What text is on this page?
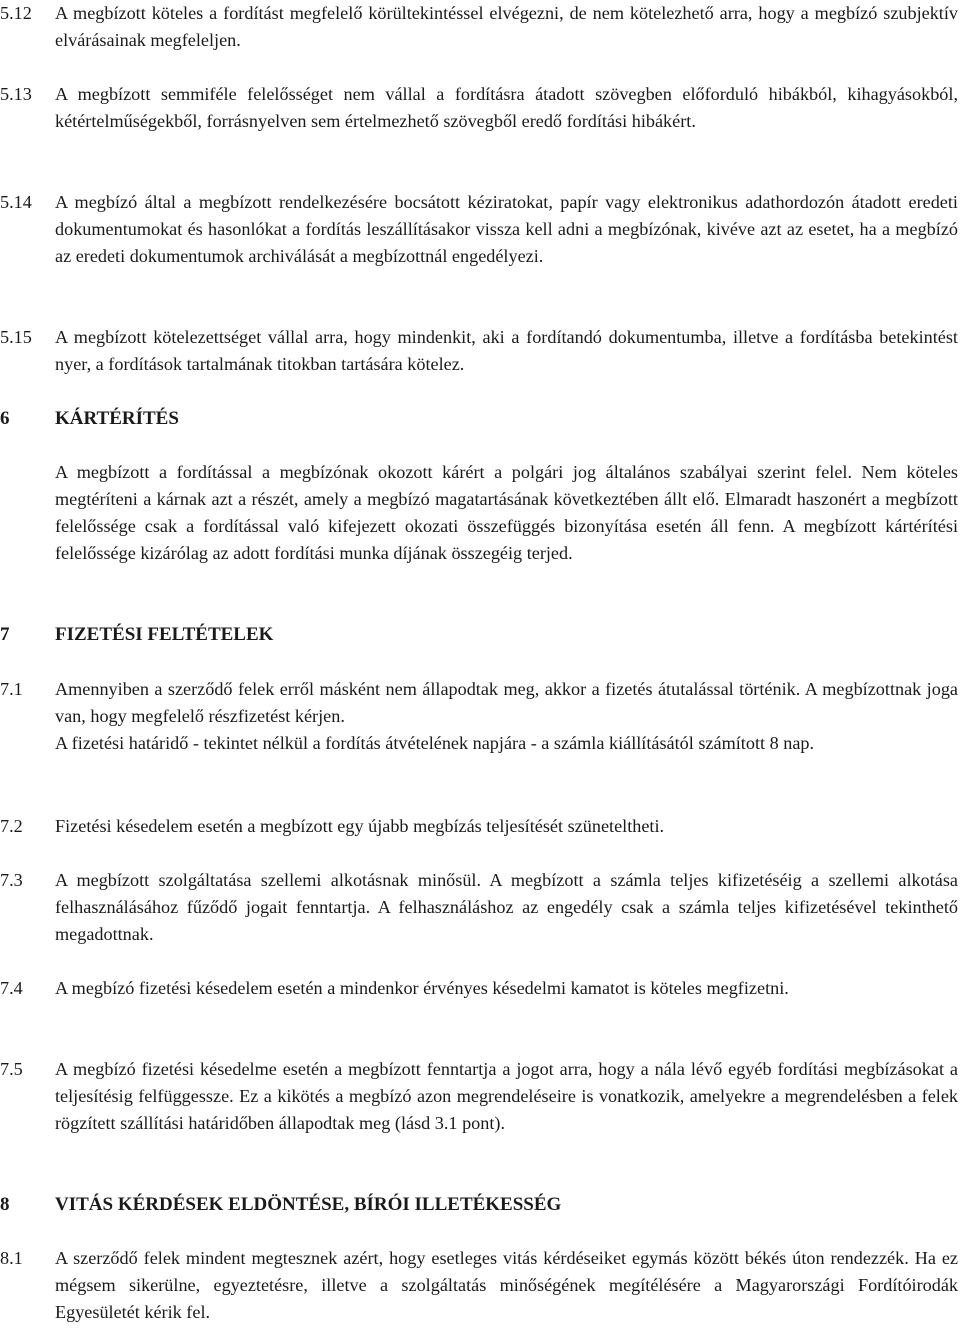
5.12 A megbízott köteles a fordítást megfelelő körültekintéssel elvégezni, de nem kötelezhető arra, hogy a megbízó szubjektív elvárásainak megfeleljen.
5.13 A megbízott semmiféle felelősséget nem vállal a fordításra átadott szövegben előforduló hibákból, kihagyásokból, kétértelműségekből, forrásnyelven sem értelmezhető szövegből eredő fordítási hibákért.
5.14 A megbízó által a megbízott rendelkezésére bocsátott kéziratokat, papír vagy elektronikus adathordozón átadott eredeti dokumentumokat és hasonlókat a fordítás leszállításakor vissza kell adni a megbízónak, kivéve azt az esetet, ha a megbízó az eredeti dokumentumok archiválását a megbízottnál engedélyezi.
5.15 A megbízott kötelezettséget vállal arra, hogy mindenkit, aki a fordítandó dokumentumba, illetve a fordításba betekintést nyer, a fordítások tartalmának titokban tartására kötelez.
6 KÁRTÉRÍTÉS
A megbízott a fordítással a megbízónak okozott kárért a polgári jog általános szabályai szerint felel. Nem köteles megtéríteni a kárnak azt a részét, amely a megbízó magatartásának következtében állt elő. Elmaradt haszonért a megbízott felelőssége csak a fordítással való kifejezett okozati összefüggés bizonyítása esetén áll fenn. A megbízott kártérítési felelőssége kizárólag az adott fordítási munka díjának összegéig terjed.
7 FIZETÉSI FELTÉTELEK
7.1 Amennyiben a szerződő felek erről másként nem állapodtak meg, akkor a fizetés átutalással történik. A megbízottnak joga van, hogy megfelelő részfizetést kérjen.
A fizetési határidő - tekintet nélkül a fordítás átvételének napjára - a számla kiállításától számított 8 nap.
7.2 Fizetési késedelem esetén a megbízott egy újabb megbízás teljesítését szüneteltheti.
7.3 A megbízott szolgáltatása szellemi alkotásnak minősül. A megbízott a számla teljes kifizetéséig a szellemi alkotása felhasználásához fűződő jogait fenntartja. A felhasználáshoz az engedély csak a számla teljes kifizetésével tekinthető megadottnak.
7.4 A megbízó fizetési késedelem esetén a mindenkor érvényes késedelmi kamatot is köteles megfizetni.
7.5 A megbízó fizetési késedelme esetén a megbízott fenntartja a jogot arra, hogy a nála lévő egyéb fordítási megbízásokat a teljesítésig felfüggessze. Ez a kikötés a megbízó azon megrendeléseire is vonatkozik, amelyekre a megrendelésben a felek rögzített szállítási határidőben állapodtak meg (lásd 3.1 pont).
8 VITÁS KÉRDÉSEK ELDÖNTÉSE, BÍRÓI ILLETÉKESSÉG
8.1 A szerződő felek mindent megtesznek azért, hogy esetleges vitás kérdéseiket egymás között békés úton rendezzék. Ha ez mégsem sikerülne, egyeztetésre, illetve a szolgáltatás minőségének megítélésére a Magyarországi Fordítóirodák Egyesületét kérik fel.
